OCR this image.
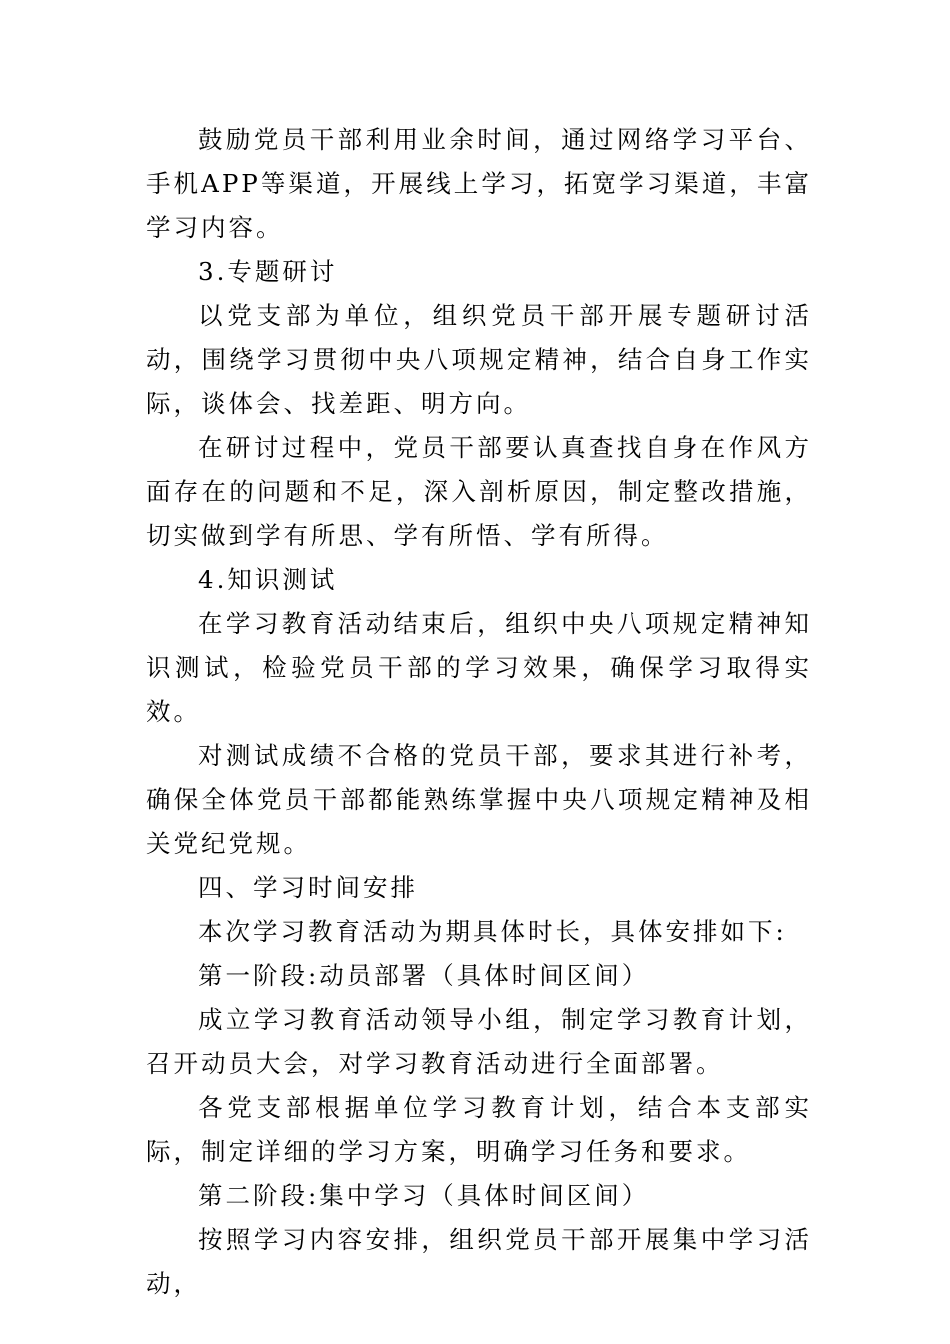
鼓励党员干部利用业余时间，通过网络学习平台、手机APP等渠道，开展线上学习，拓宽学习渠道，丰富学习内容。

3.专题研讨

以党支部为单位，组织党员干部开展专题研讨活动，围绕学习贯彻中央八项规定精神，结合自身工作实际，谈体会、找差距、明方向。

在研讨过程中，党员干部要认真查找自身在作风方面存在的问题和不足，深入剖析原因，制定整改措施，切实做到学有所思、学有所悟、学有所得。

4.知识测试

在学习教育活动结束后，组织中央八项规定精神知识测试，检验党员干部的学习效果，确保学习取得实效。

对测试成绩不合格的党员干部，要求其进行补考，确保全体党员干部都能熟练掌握中央八项规定精神及相关党纪党规。

四、学习时间安排

本次学习教育活动为期具体时长，具体安排如下:

第一阶段:动员部署（具体时间区间）

成立学习教育活动领导小组，制定学习教育计划，召开动员大会，对学习教育活动进行全面部署。

各党支部根据单位学习教育计划，结合本支部实际，制定详细的学习方案，明确学习任务和要求。

第二阶段:集中学习（具体时间区间）

按照学习内容安排，组织党员干部开展集中学习活动，
